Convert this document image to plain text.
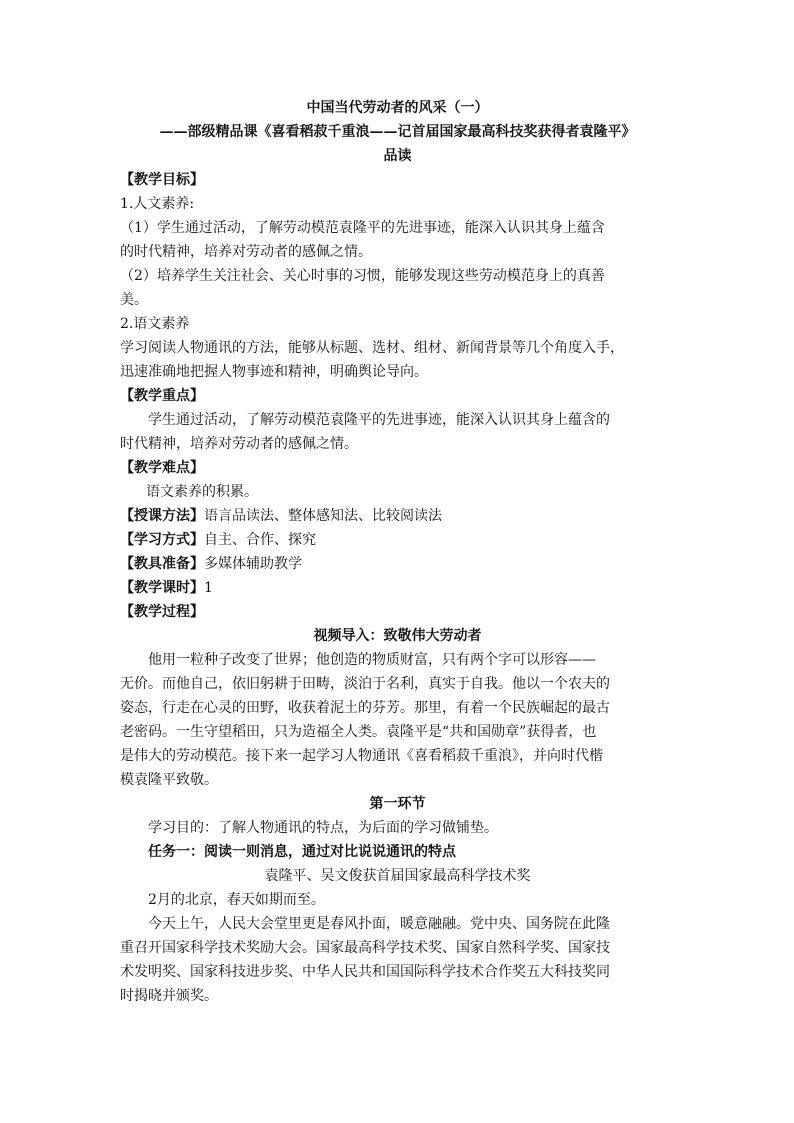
中国当代劳动者的风采（一）

——部级精品课《喜看稻菽千重浪——记首届国家最高科技奖获得者袁隆平》

品读

【教学目标】

1.人文素养:

（1）学生通过活动，了解劳动模范袁隆平的先进事迹，能深入认识其身上蕴含

的时代精神，培养对劳动者的感佩之情。

（2）培养学生关注社会、关心时事的习惯，能够发现这些劳动模范身上的真善

美。

2.语文素养

学习阅读人物通讯的方法，能够从标题、选材、组材、新闻背景等几个角度入手，

迅速准确地把握人物事迹和精神，明确舆论导向。

【教学重点】

学生通过活动，了解劳动模范袁隆平的先进事迹，能深入认识其身上蕴含的

时代精神，培养对劳动者的感佩之情。

【教学难点】

语文素养的积累。

【授课方法】语言品读法、整体感知法、比较阅读法

【学习方式】自主、合作、探究

【教具准备】多媒体辅助教学

【教学课时】1

【教学过程】

视频导入：致敬伟大劳动者

他用一粒种子改变了世界；他创造的物质财富，只有两个字可以形容——

无价。而他自己，依旧躬耕于田畴，淡泊于名利，真实于自我。他以一个农夫的

姿态，行走在心灵的田野，收获着泥土的芬芳。那里，有着一个民族崛起的最古

老密码。一生守望稻田，只为造福全人类。袁隆平是“共和国勋章”获得者，也

是伟大的劳动模范。接下来一起学习人物通讯《喜看稻菽千重浪》，并向时代楷

模袁隆平致敬。

第一环节

学习目的：了解人物通讯的特点，为后面的学习做铺垫。

任务一：阅读一则消息，通过对比说说通讯的特点

袁隆平、吴文俊获首届国家最高科学技术奖

2月的北京，春天如期而至。

今天上午，人民大会堂里更是春风扑面，暖意融融。党中央、国务院在此隆

重召开国家科学技术奖励大会。国家最高科学技术奖、国家自然科学奖、国家技

术发明奖、国家科技进步奖、中华人民共和国国际科学技术合作奖五大科技奖同

时揭晓并颁奖。
